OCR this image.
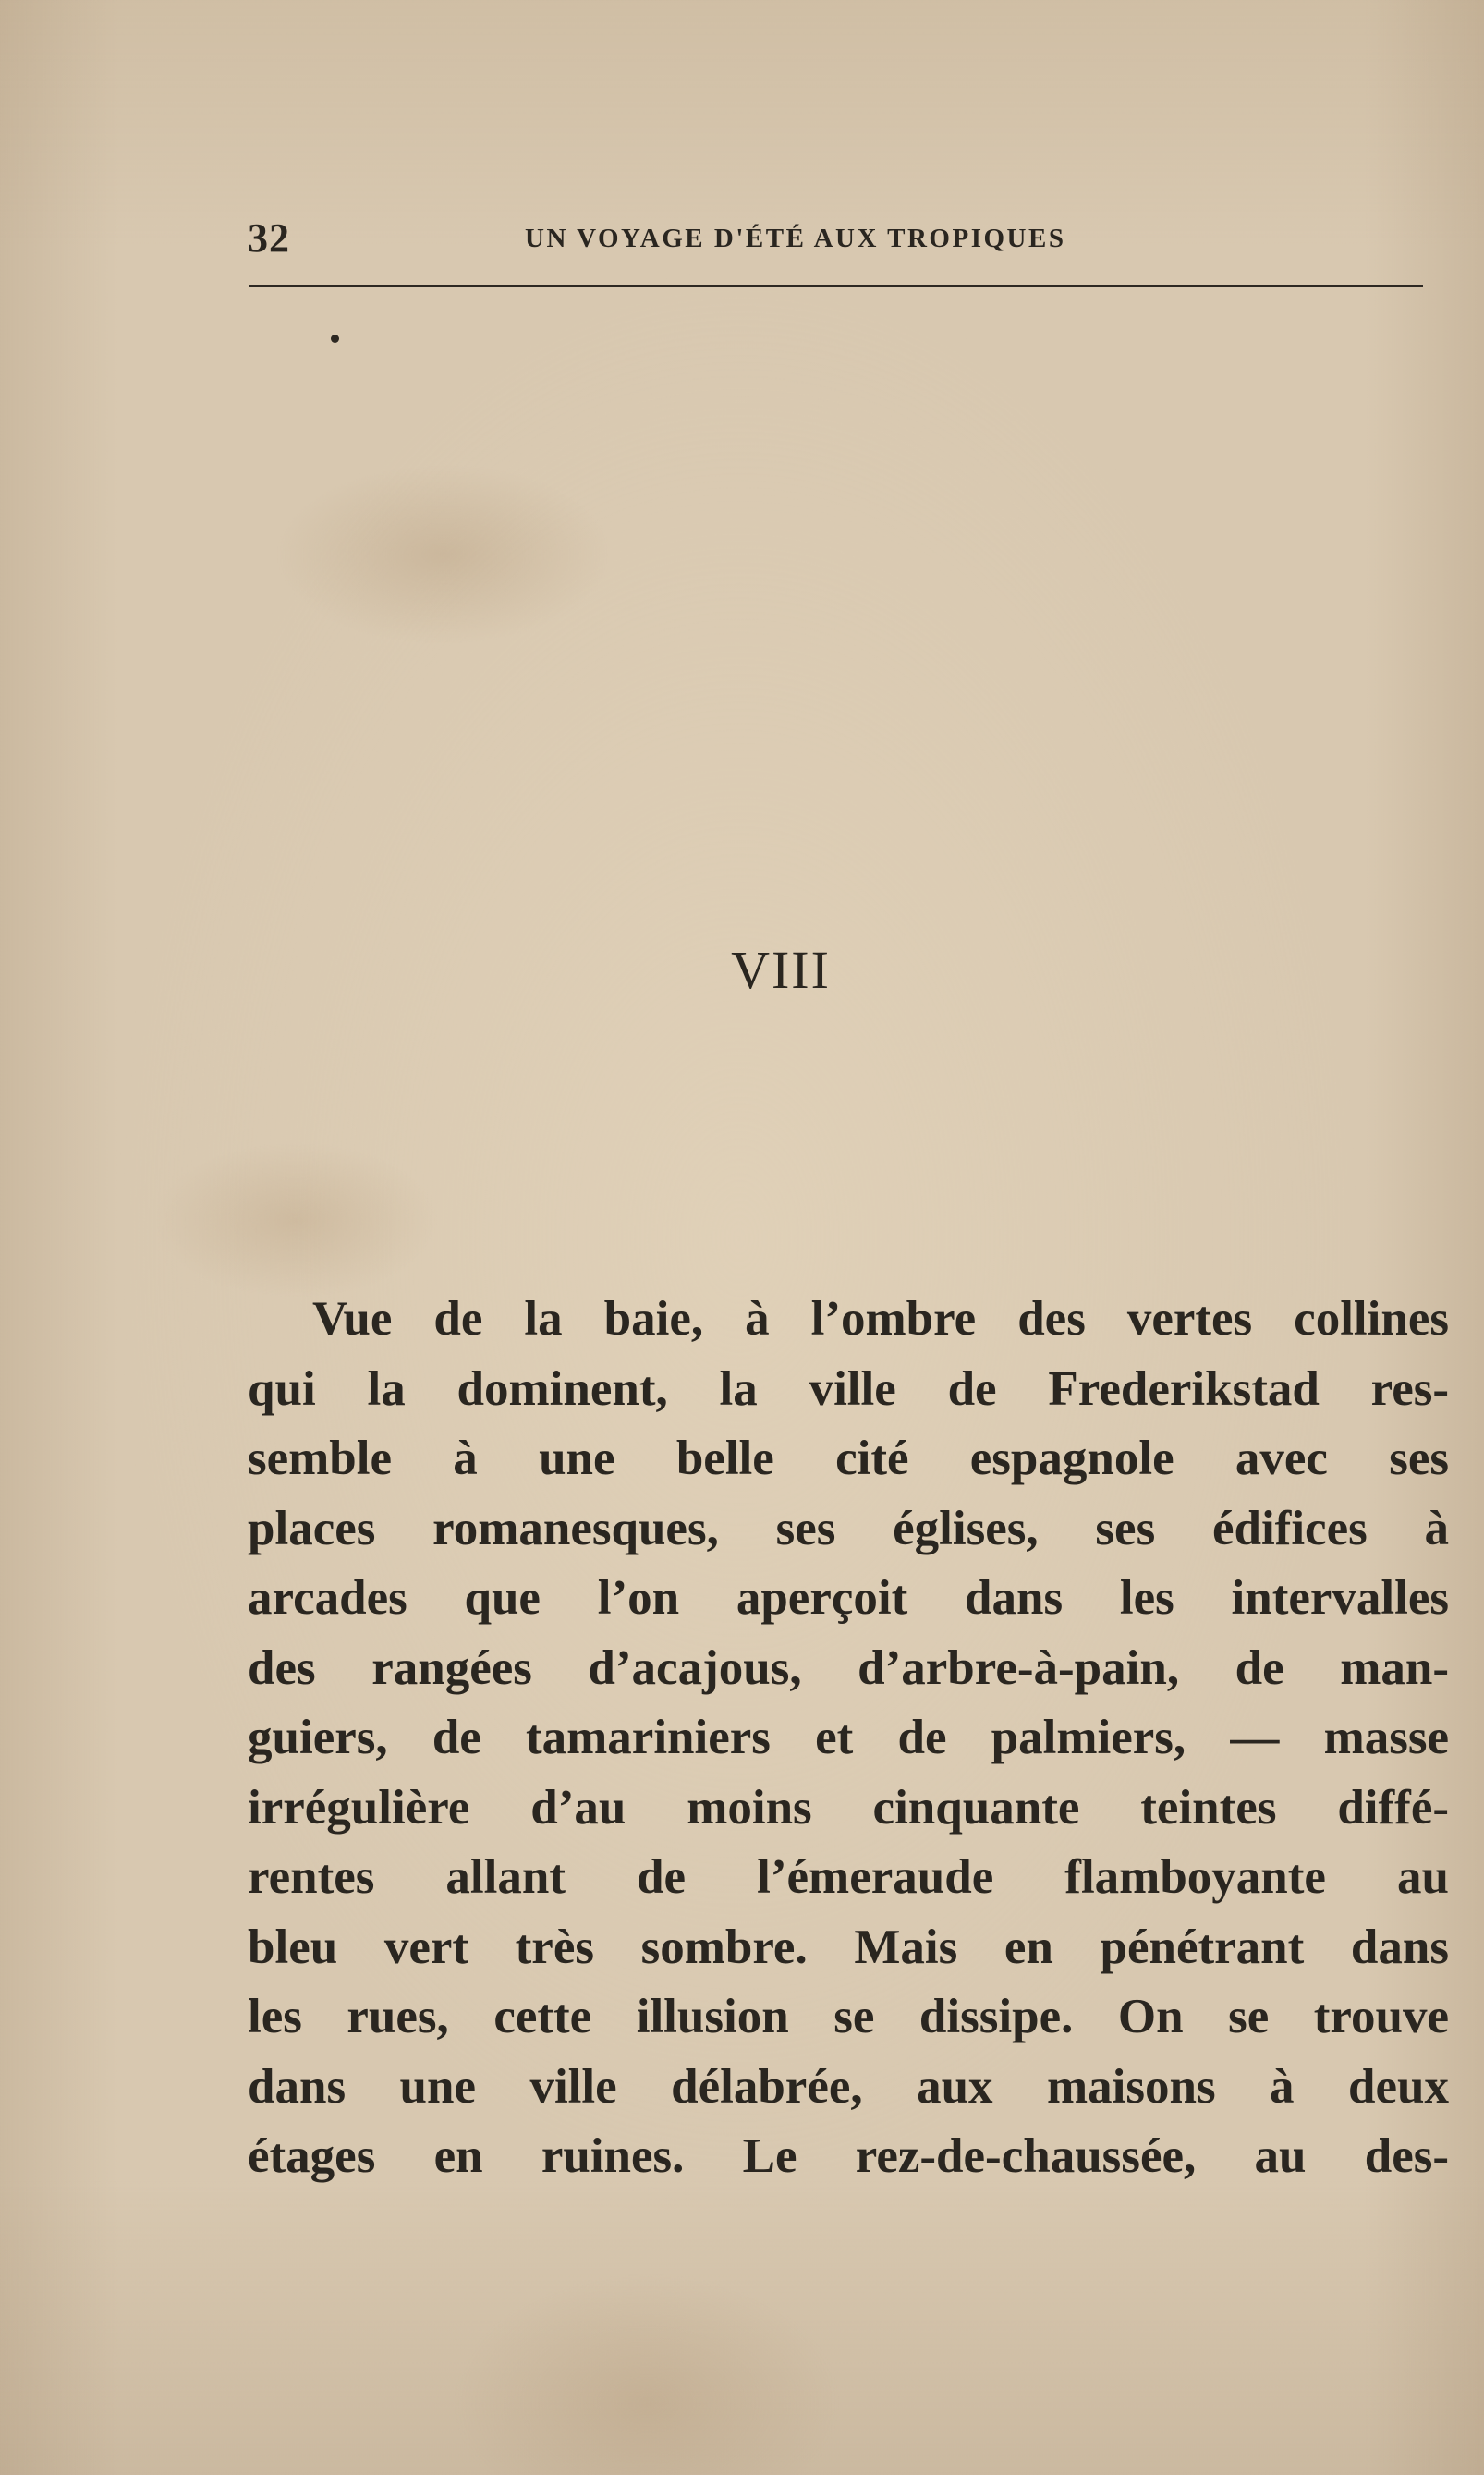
32	UN VOYAGE D'ÉTÉ AUX TROPIQUES
VIII
Vue de la baie, à l’ombre des vertes collines
qui la dominent, la ville de Frederikstad res-
semble à une belle cité espagnole avec ses
places romanesques, ses églises, ses édifices à
arcades que l’on aperçoit dans les intervalles
des rangées d’acajous, d’arbre-à-pain, de man-
guiers, de tamariniers et de palmiers, — masse
irrégulière d’au moins cinquante teintes diffé-
rentes allant de l’émeraude flamboyante au
bleu vert très sombre. Mais en pénétrant dans
les rues, cette illusion se dissipe. On se trouve
dans une ville délabrée, aux maisons à deux
étages en ruines. Le rez-de-chaussée, au des-
